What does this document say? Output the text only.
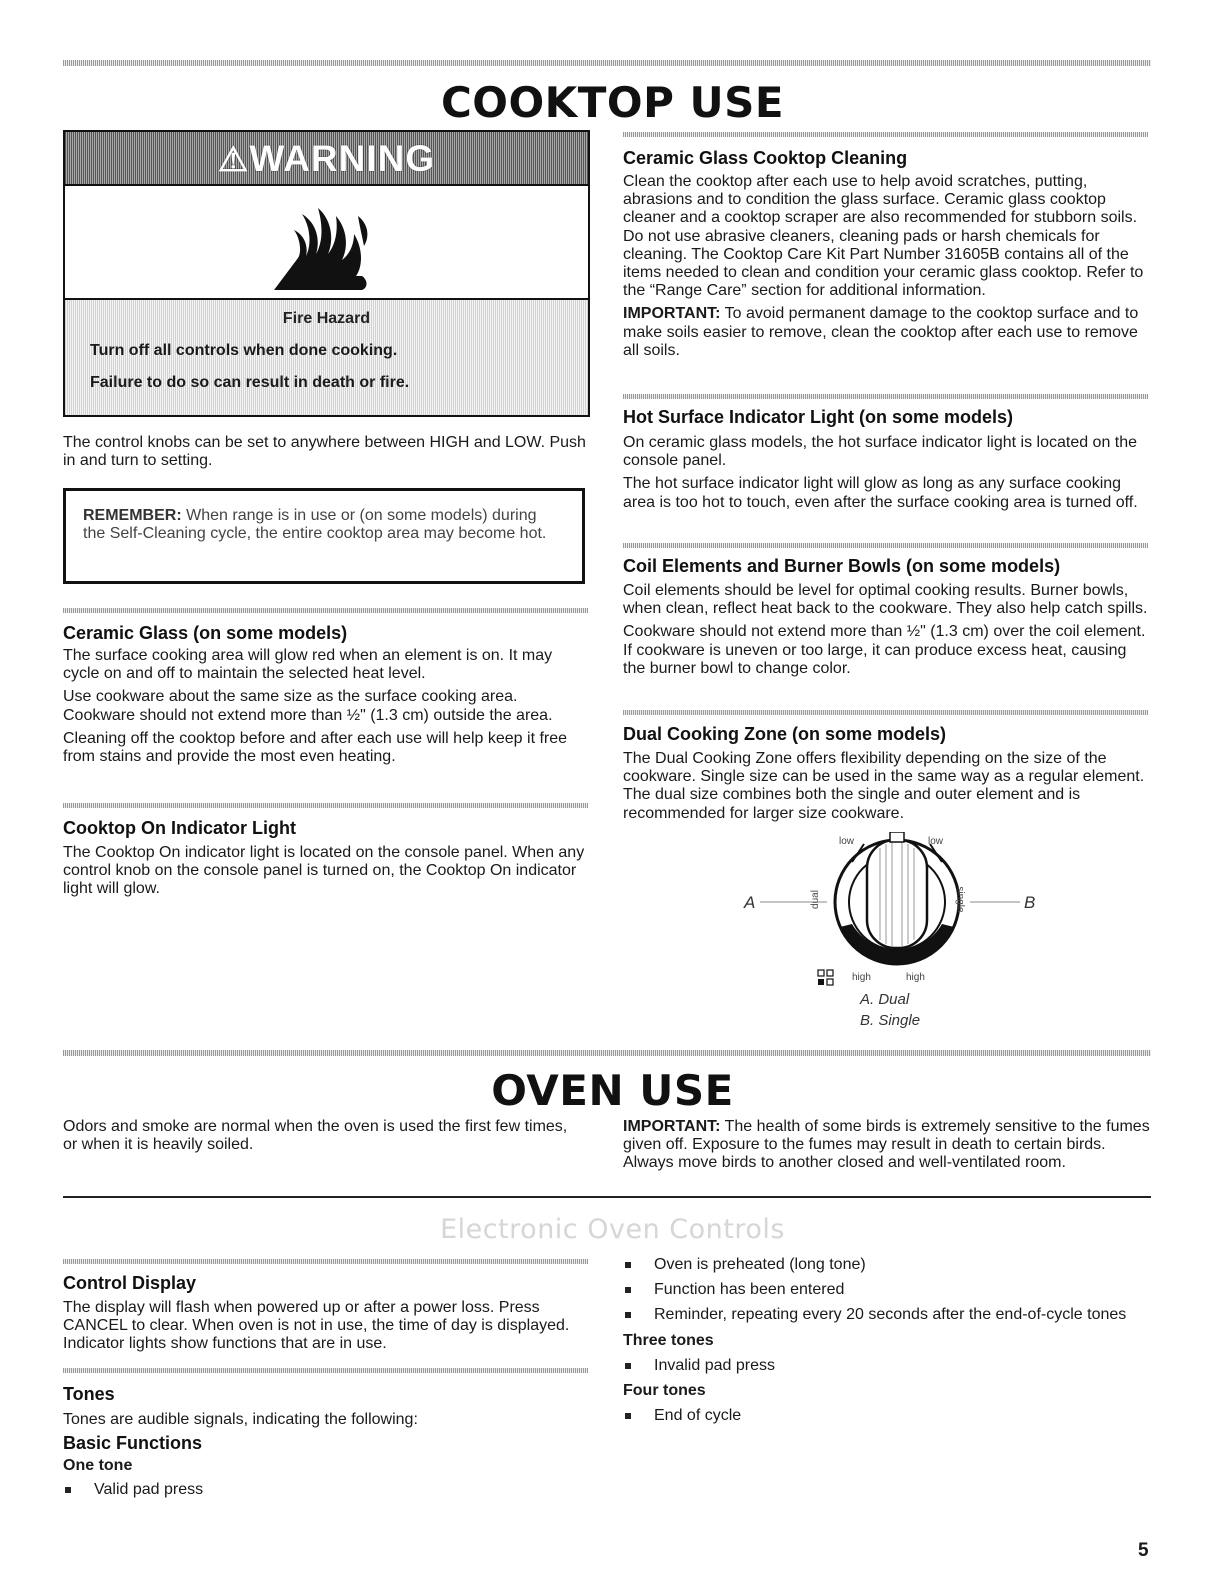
COOKTOP USE
⚠WARNING
Fire Hazard
Turn off all controls when done cooking.
Failure to do so can result in death or fire.

The control knobs can be set to anywhere between HIGH and LOW. Push in and turn to setting.

REMEMBER: When range is in use or (on some models) during the Self-Cleaning cycle, the entire cooktop area may become hot.

Ceramic Glass (on some models)

The surface cooking area will glow red when an element is on. It may cycle on and off to maintain the selected heat level.

Use cookware about the same size as the surface cooking area. Cookware should not extend more than ½" (1.3 cm) outside the area.

Cleaning off the cooktop before and after each use will help keep it free from stains and provide the most even heating.

Cooktop On Indicator Light

The Cooktop On indicator light is located on the console panel. When any control knob on the console panel is turned on, the Cooktop On indicator light will glow.

Ceramic Glass Cooktop Cleaning

Clean the cooktop after each use to help avoid scratches, putting, abrasions and to condition the glass surface. Ceramic glass cooktop cleaner and a cooktop scraper are also recommended for stubborn soils. Do not use abrasive cleaners, cleaning pads or harsh chemicals for cleaning. The Cooktop Care Kit Part Number 31605B contains all of the items needed to clean and condition your ceramic glass cooktop. Refer to the “Range Care” section for additional information.

IMPORTANT: To avoid permanent damage to the cooktop surface and to make soils easier to remove, clean the cooktop after each use to remove all soils.

Hot Surface Indicator Light (on some models)

On ceramic glass models, the hot surface indicator light is located on the console panel.

The hot surface indicator light will glow as long as any surface cooking area is too hot to touch, even after the surface cooking area is turned off.

Coil Elements and Burner Bowls (on some models)

Coil elements should be level for optimal cooking results. Burner bowls, when clean, reflect heat back to the cookware. They also help catch spills.

Cookware should not extend more than ½" (1.3 cm) over the coil element. If cookware is uneven or too large, it can produce excess heat, causing the burner bowl to change color.

Dual Cooking Zone (on some models)

The Dual Cooking Zone offers flexibility depending on the size of the cookware. Single size can be used in the same way as a regular element. The dual size combines both the single and outer element and is recommended for larger size cookware.

low	low
dual	single
A	B
high	high
A. Dual
B. Single
OVEN USE

Odors and smoke are normal when the oven is used the first few times, or when it is heavily soiled.

IMPORTANT: The health of some birds is extremely sensitive to the fumes given off. Exposure to the fumes may result in death to certain birds. Always move birds to another closed and well-ventilated room.

Electronic Oven Controls
Control Display

The display will flash when powered up or after a power loss. Press CANCEL to clear. When oven is not in use, the time of day is displayed. Indicator lights show functions that are in use.

Tones

Tones are audible signals, indicating the following:

Basic Functions
One tone
Valid pad press
Oven is preheated (long tone)
Function has been entered
Reminder, repeating every 20 seconds after the end-of-cycle tones
Three tones
Invalid pad press
Four tones
End of cycle
5
